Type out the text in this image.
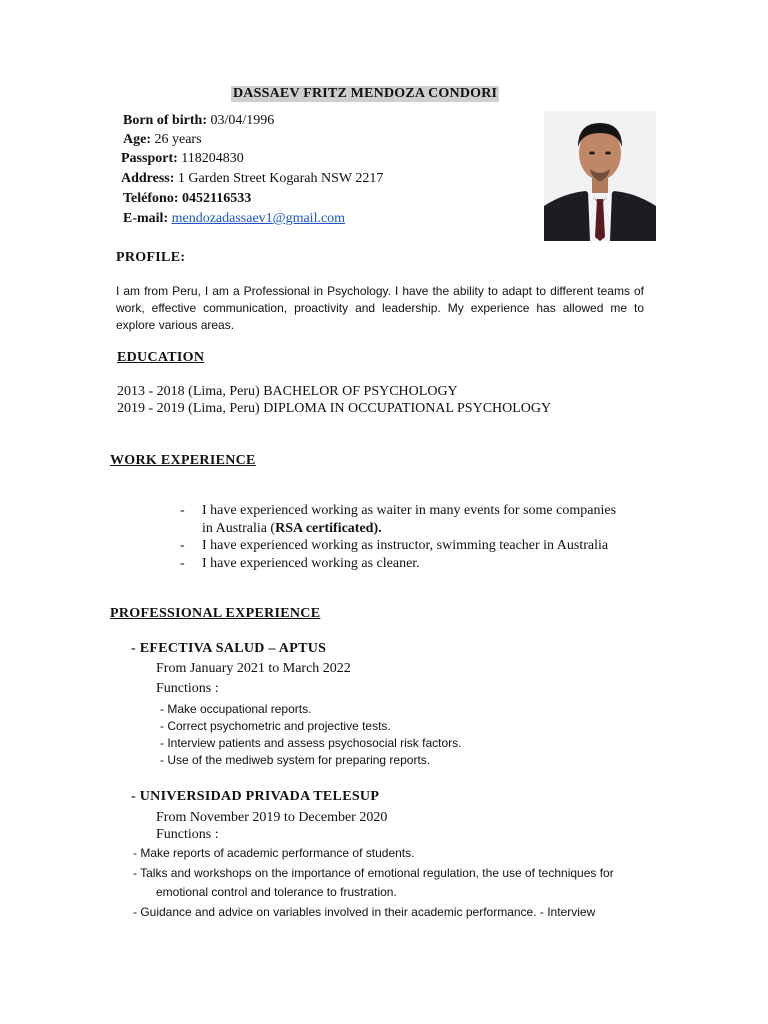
DASSAEV FRITZ MENDOZA CONDORI
Born of birth: 03/04/1996
Age: 26 years
Passport: 118204830
Address: 1 Garden Street Kogarah NSW 2217
Teléfono: 0452116533
E-mail: mendozadassaev1@gmail.com
PROFILE:
I am from Peru, I am a Professional in Psychology. I have the ability to adapt to different teams of work, effective communication, proactivity and leadership. My experience has allowed me to explore various areas.
EDUCATION
2013 - 2018 (Lima, Peru) BACHELOR OF PSYCHOLOGY
2019 - 2019 (Lima, Peru) DIPLOMA IN OCCUPATIONAL PSYCHOLOGY
WORK EXPERIENCE
- I have experienced working as waiter in many events for some companies
in Australia (RSA certificated).
- I have experienced working as instructor, swimming teacher in Australia
- I have experienced working as cleaner.
PROFESSIONAL EXPERIENCE
- EFECTIVA SALUD – APTUS
From January 2021 to March 2022
Functions :
- Make occupational reports.
- Correct psychometric and projective tests.
- Interview patients and assess psychosocial risk factors.
- Use of the mediweb system for preparing reports.
- UNIVERSIDAD PRIVADA TELESUP
From November 2019 to December 2020
Functions :
- Make reports of academic performance of students.
- Talks and workshops on the importance of emotional regulation, the use of techniques for
emotional control and tolerance to frustration.
- Guidance and advice on variables involved in their academic performance. - Interview
